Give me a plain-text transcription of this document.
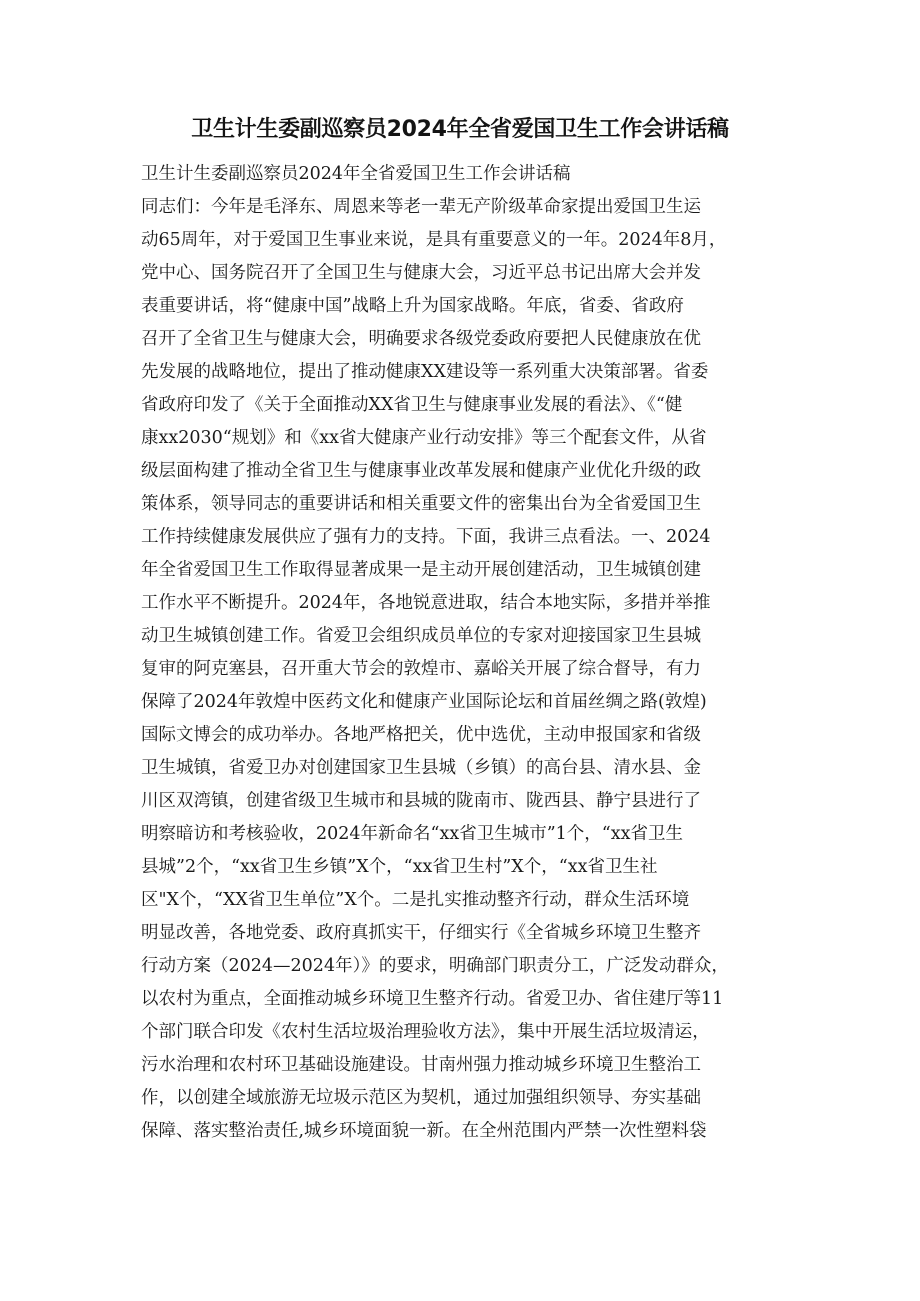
卫生计生委副巡察员2024年全省爱国卫生工作会讲话稿
卫生计生委副巡察员2024年全省爱国卫生工作会讲话稿
同志们：今年是毛泽东、周恩来等老一辈无产阶级革命家提出爱国卫生运
动65周年，对于爱国卫生事业来说，是具有重要意义的一年。2024年8月，
党中心、国务院召开了全国卫生与健康大会，习近平总书记出席大会并发
表重要讲话，将“健康中国”战略上升为国家战略。年底，省委、省政府
召开了全省卫生与健康大会，明确要求各级党委政府要把人民健康放在优
先发展的战略地位，提出了推动健康XX建设等一系列重大决策部署。省委
省政府印发了《关于全面推动XX省卫生与健康事业发展的看法》、《“健
康xx2030“规划》和《xx省大健康产业行动安排》等三个配套文件，从省
级层面构建了推动全省卫生与健康事业改革发展和健康产业优化升级的政
策体系，领导同志的重要讲话和相关重要文件的密集出台为全省爱国卫生
工作持续健康发展供应了强有力的支持。下面，我讲三点看法。一、2024
年全省爱国卫生工作取得显著成果一是主动开展创建活动，卫生城镇创建
工作水平不断提升。2024年，各地锐意进取，结合本地实际，多措并举推
动卫生城镇创建工作。省爱卫会组织成员单位的专家对迎接国家卫生县城
复审的阿克塞县，召开重大节会的敦煌市、嘉峪关开展了综合督导，有力
保障了2024年敦煌中医药文化和健康产业国际论坛和首届丝绸之路(敦煌)
国际文博会的成功举办。各地严格把关，优中选优，主动申报国家和省级
卫生城镇，省爱卫办对创建国家卫生县城（乡镇）的高台县、清水县、金
川区双湾镇，创建省级卫生城市和县城的陇南市、陇西县、静宁县进行了
明察暗访和考核验收，2024年新命名“xx省卫生城市”1个，“xx省卫生
县城”2个，“xx省卫生乡镇”X个，“xx省卫生村”X个，“xx省卫生社
区"X个，“XX省卫生单位”X个。二是扎实推动整齐行动，群众生活环境
明显改善，各地党委、政府真抓实干，仔细实行《全省城乡环境卫生整齐
行动方案（2024—2024年）》的要求，明确部门职责分工，广泛发动群众，
以农村为重点，全面推动城乡环境卫生整齐行动。省爱卫办、省住建厅等11
个部门联合印发《农村生活垃圾治理验收方法》，集中开展生活垃圾清运，
污水治理和农村环卫基础设施建设。甘南州强力推动城乡环境卫生整治工
作，以创建全域旅游无垃圾示范区为契机，通过加强组织领导、夯实基础
保障、落实整治责任,城乡环境面貌一新。在全州范围内严禁一次性塑料袋
